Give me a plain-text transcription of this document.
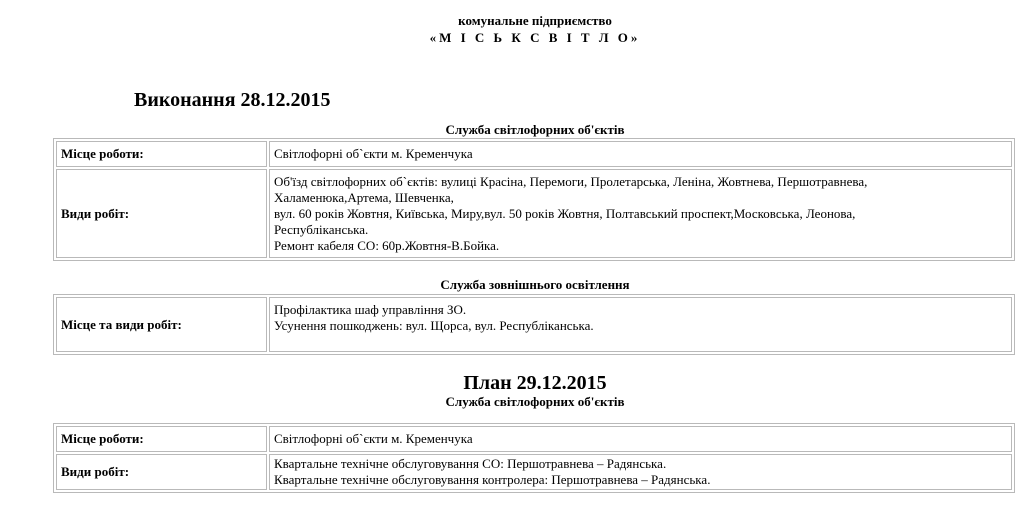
комунальне підприємство
«М І С Ь К С В І Т Л О»
Виконання 28.12.2015
Служба світлофорних об'єктів
Місце роботи:	Світлофорні об`єкти м. Кременчука

Види робіт:	Об'їзд світлофорних об`єктів: вулиці Красіна, Перемоги, Пролетарська, Леніна, Жовтнева, Першотравнева,
Халаменюка,Артема, Шевченка,
вул. 60 років Жовтня, Київська, Миру,вул. 50 років Жовтня, Полтавський проспект,Московська, Леонова,
Республіканська.
Ремонт кабеля СО: 60р.Жовтня-В.Бойка.
Служба зовнішнього освітлення
Місце та види робіт:	
Профілактика шаф управління ЗО.
Усунення пошкоджень: вул. Щорса, вул. Республіканська.
План 29.12.2015
Служба світлофорних об'єктів
Місце роботи:	Світлофорні об`єкти м. Кременчука

Види робіт:	Квартальне технічне обслуговування СО: Першотравнева – Радянська.
Квартальне технічне обслуговування контролера: Першотравнева – Радянська.
